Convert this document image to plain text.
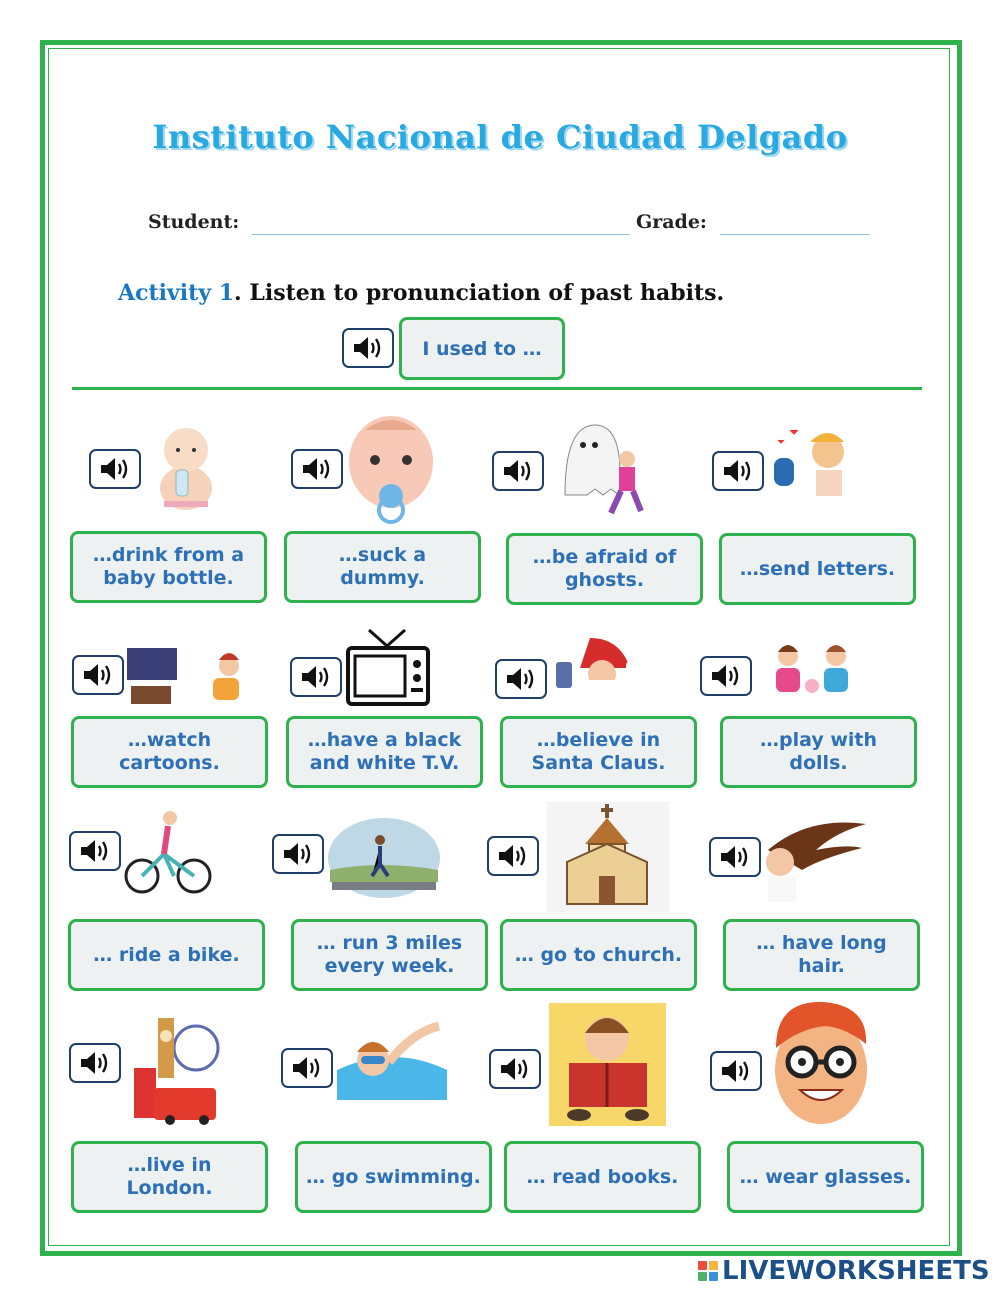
Instituto Nacional de Ciudad Delgado
Student:	Grade:
Activity 1. Listen to pronunciation of past habits.
I used to …
…drink from a baby bottle.
…suck a dummy.
…be afraid of ghosts.
…send letters.
…watch cartoons.
…have a black and white T.V.
…believe in Santa Claus.
…play with dolls.
… ride a bike.
… run 3 miles every week.
… go to church.
… have long hair.
…live in London.
… go swimming.	… read books.	… wear glasses.
LIVEWORKSHEETS
